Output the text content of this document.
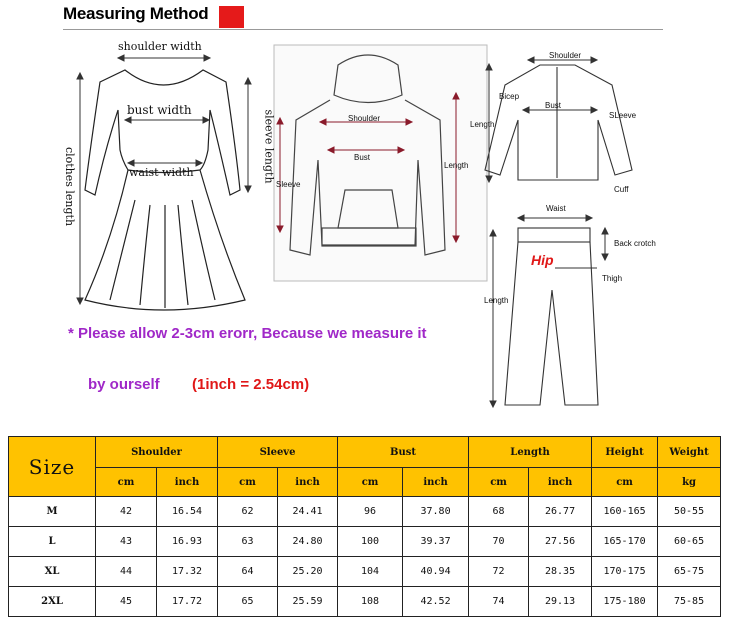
Measuring Method
shoulder width
bust width
waist width	sleeve length
clothes length
Shoulder
Bust
Sleeve
Length
Shoulder
Bicep
Bust
SLeeve
Length
Cuff
Waist
Back crotch
Hip
Thigh
Length
* Please allow 2-3cm erorr, Because we measure it
by ourself (1inch = 2.54cm)
Size	Shoulder		Sleeve		Bust		Length		Height	Weight
	cm	inch	cm	inch	cm	inch	cm	inch	cm	kg
M	42	16.54	62	24.41	96	37.80	68	26.77	160-165	50-55
L	43	16.93	63	24.80	100	39.37	70	27.56	165-170	60-65
XL	44	17.32	64	25.20	104	40.94	72	28.35	170-175	65-75
2XL	45	17.72	65	25.59	108	42.52	74	29.13	175-180	75-85
